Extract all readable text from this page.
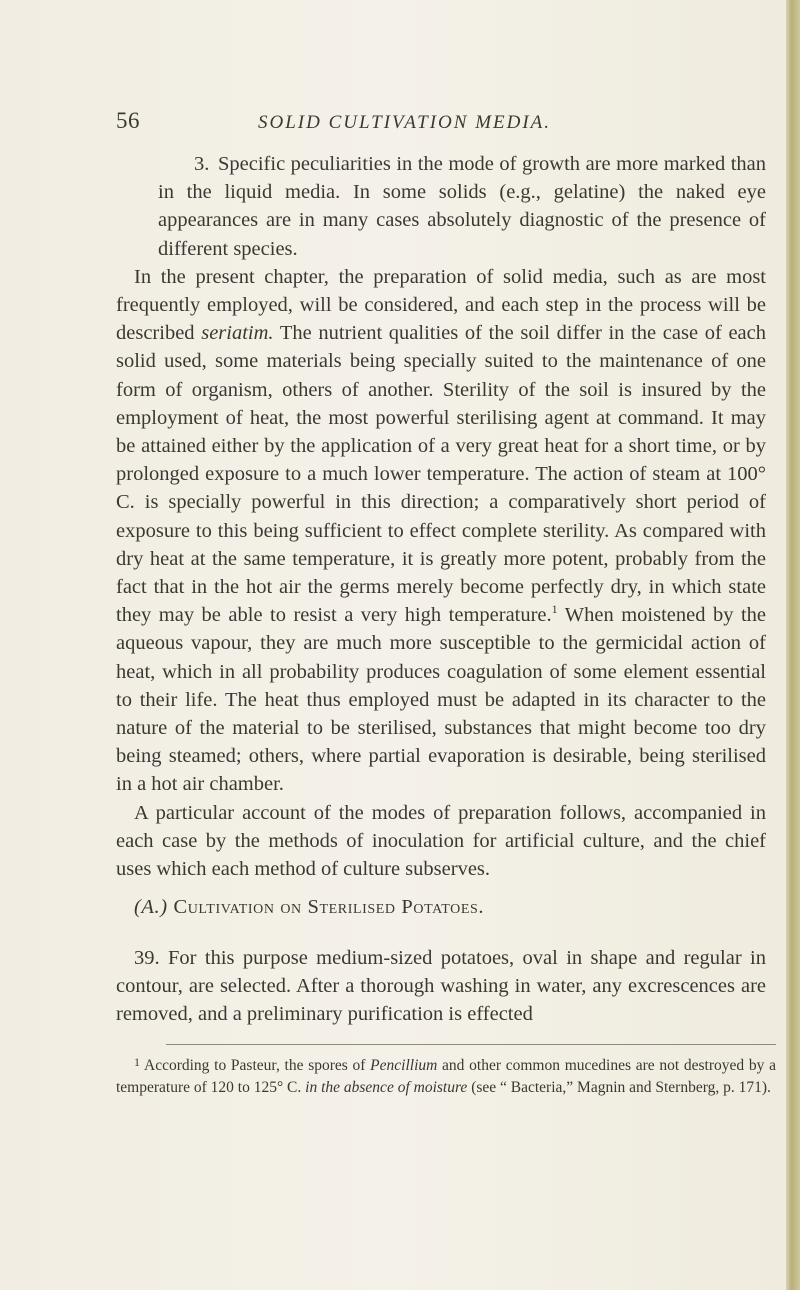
56	SOLID CULTIVATION MEDIA.

3. Specific peculiarities in the mode of growth are more marked than in the liquid media. In some solids (e.g., gelatine) the naked eye appearances are in many cases absolutely diagnostic of the presence of different species.

In the present chapter, the preparation of solid media, such as are most frequently employed, will be considered, and each step in the process will be described seriatim. The nutrient qualities of the soil differ in the case of each solid used, some materials being specially suited to the maintenance of one form of organism, others of another. Sterility of the soil is insured by the employment of heat, the most powerful sterilising agent at command. It may be attained either by the application of a very great heat for a short time, or by prolonged exposure to a much lower temperature. The action of steam at 100° C. is specially powerful in this direction; a comparatively short period of exposure to this being sufficient to effect complete sterility. As compared with dry heat at the same temperature, it is greatly more potent, probably from the fact that in the hot air the germs merely become perfectly dry, in which state they may be able to resist a very high temperature.$^1$ When moistened by the aqueous vapour, they are much more susceptible to the germicidal action of heat, which in all probability produces coagulation of some element essential to their life. The heat thus employed must be adapted in its character to the nature of the material to be sterilised, substances that might become too dry being steamed; others, where partial evaporation is desirable, being sterilised in a hot air chamber.

A particular account of the modes of preparation follows, accompanied in each case by the methods of inoculation for artificial culture, and the chief uses which each method of culture subserves.

(A.) Cultivation on Sterilised Potatoes.

39. For this purpose medium-sized potatoes, oval in shape and regular in contour, are selected. After a thorough washing in water, any excrescences are removed, and a preliminary purification is effected

$^1$ According to Pasteur, the spores of Pencillium and other common mucedines are not destroyed by a temperature of 120 to 125° C. in the absence of moisture (see “ Bacteria,” Magnin and Sternberg, p. 171).
